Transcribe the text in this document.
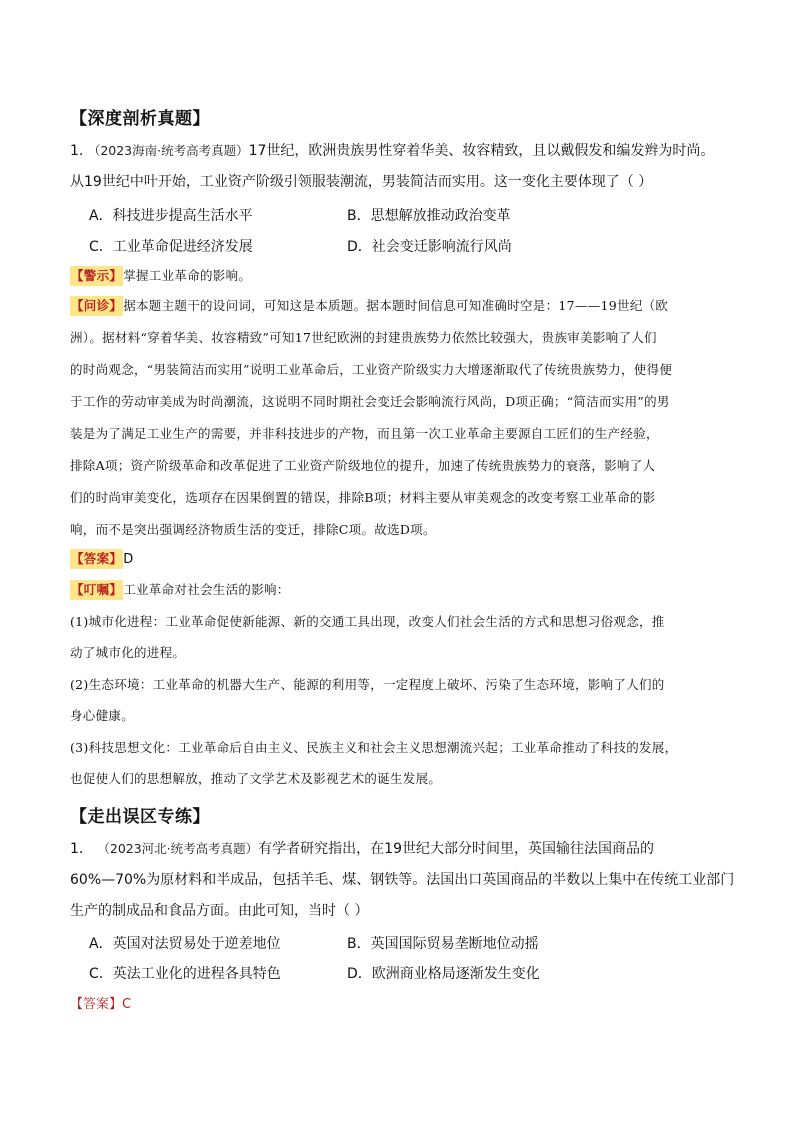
【深度剖析真题】
1. （2023海南·统考高考真题）17世纪，欧洲贵族男性穿着华美、妆容精致，且以戴假发和编发辫为时尚。
从19世纪中叶开始，工业资产阶级引领服装潮流，男装简洁而实用。这一变化主要体现了（ ）
A．科技进步提高生活水平	B．思想解放推动政治变革
C．工业革命促进经济发展	D．社会变迁影响流行风尚
【警示】掌握工业革命的影响。
【问诊】据本题主题干的设问词，可知这是本质题。据本题时间信息可知准确时空是：17——19世纪（欧
洲）。据材料“穿着华美、妆容精致”可知17世纪欧洲的封建贵族势力依然比较强大，贵族审美影响了人们
的时尚观念，“男装简洁而实用”说明工业革命后，工业资产阶级实力大增逐渐取代了传统贵族势力，使得便
于工作的劳动审美成为时尚潮流，这说明不同时期社会变迁会影响流行风尚，D项正确；“简洁而实用”的男
装是为了满足工业生产的需要，并非科技进步的产物，而且第一次工业革命主要源自工匠们的生产经验，
排除A项；资产阶级革命和改革促进了工业资产阶级地位的提升，加速了传统贵族势力的衰落，影响了人
们的时尚审美变化，选项存在因果倒置的错误，排除B项；材料主要从审美观念的改变考察工业革命的影
响，而不是突出强调经济物质生活的变迁，排除C项。故选D项。
【答案】D
【叮嘱】工业革命对社会生活的影响：
(1)城市化进程：工业革命促使新能源、新的交通工具出现，改变人们社会生活的方式和思想习俗观念，推
动了城市化的进程。
(2)生态环境：工业革命的机器大生产、能源的利用等，一定程度上破坏、污染了生态环境，影响了人们的
身心健康。
(3)科技思想文化：工业革命后自由主义、民族主义和社会主义思想潮流兴起；工业革命推动了科技的发展，
也促使人们的思想解放，推动了文学艺术及影视艺术的诞生发展。
【走出误区专练】
1． （2023河北·统考高考真题）有学者研究指出，在19世纪大部分时间里，英国输往法国商品的
60%—70%为原材料和半成品，包括羊毛、煤、钢铁等。法国出口英国商品的半数以上集中在传统工业部门
生产的制成品和食品方面。由此可知，当时（ ）
A．英国对法贸易处于逆差地位	B．英国国际贸易垄断地位动摇
C．英法工业化的进程各具特色	D．欧洲商业格局逐渐发生变化
【答案】C
